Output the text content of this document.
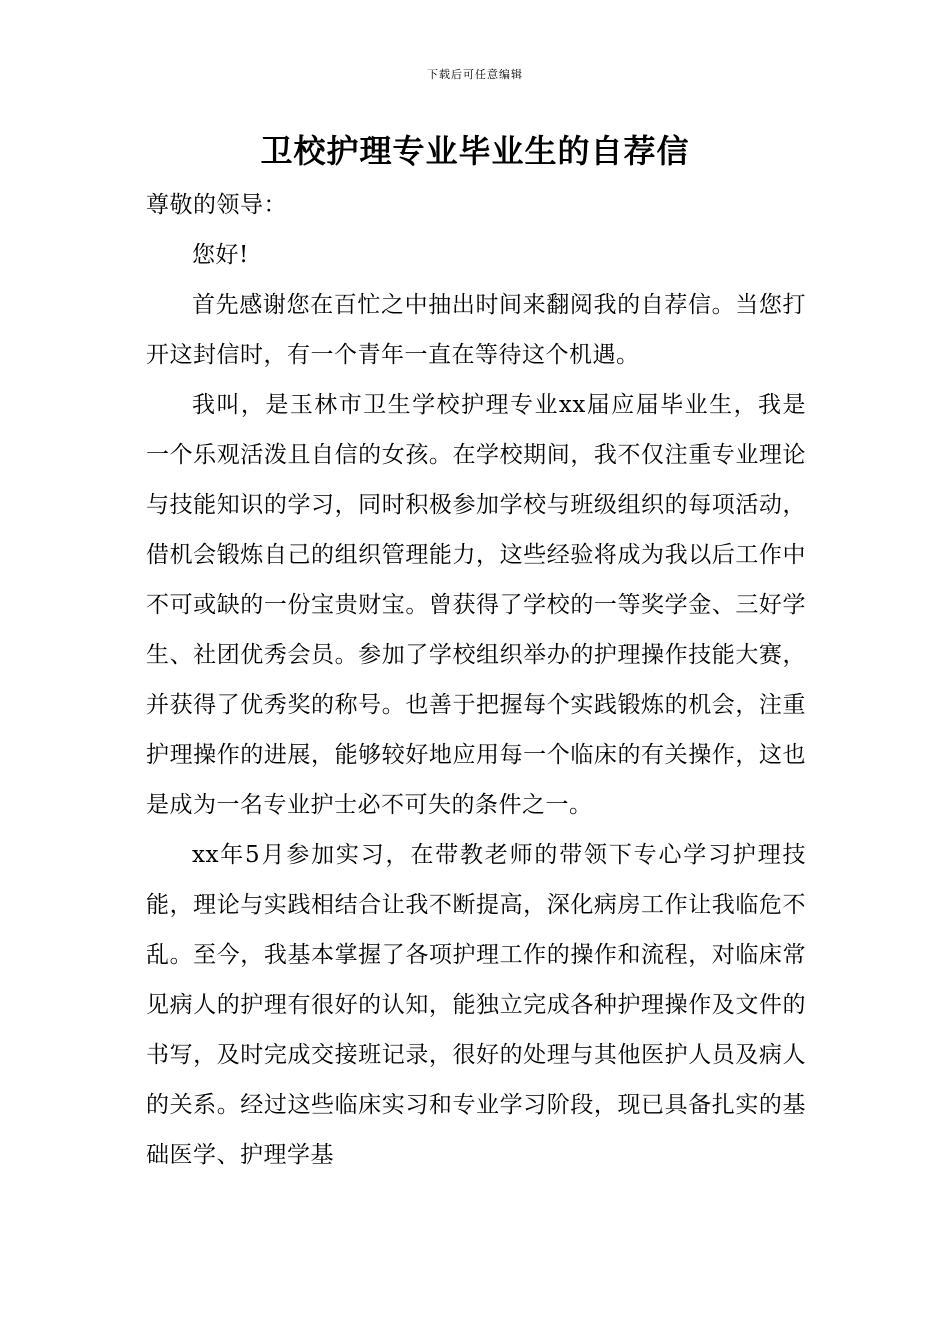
下载后可任意编辑
卫校护理专业毕业生的自荐信

尊敬的领导：

您好!

首先感谢您在百忙之中抽出时间来翻阅我的自荐信。当您打开这封信时，有一个青年一直在等待这个机遇。

我叫，是玉林市卫生学校护理专业xx届应届毕业生，我是一个乐观活泼且自信的女孩。在学校期间，我不仅注重专业理论与技能知识的学习，同时积极参加学校与班级组织的每项活动，借机会锻炼自己的组织管理能力，这些经验将成为我以后工作中不可或缺的一份宝贵财宝。曾获得了学校的一等奖学金、三好学生、社团优秀会员。参加了学校组织举办的护理操作技能大赛，并获得了优秀奖的称号。也善于把握每个实践锻炼的机会，注重护理操作的进展，能够较好地应用每一个临床的有关操作，这也是成为一名专业护士必不可失的条件之一。

xx年5月参加实习，在带教老师的带领下专心学习护理技能，理论与实践相结合让我不断提高，深化病房工作让我临危不乱。至今，我基本掌握了各项护理工作的操作和流程，对临床常见病人的护理有很好的认知，能独立完成各种护理操作及文件的书写，及时完成交接班记录，很好的处理与其他医护人员及病人的关系。经过这些临床实习和专业学习阶段，现已具备扎实的基础医学、护理学基
